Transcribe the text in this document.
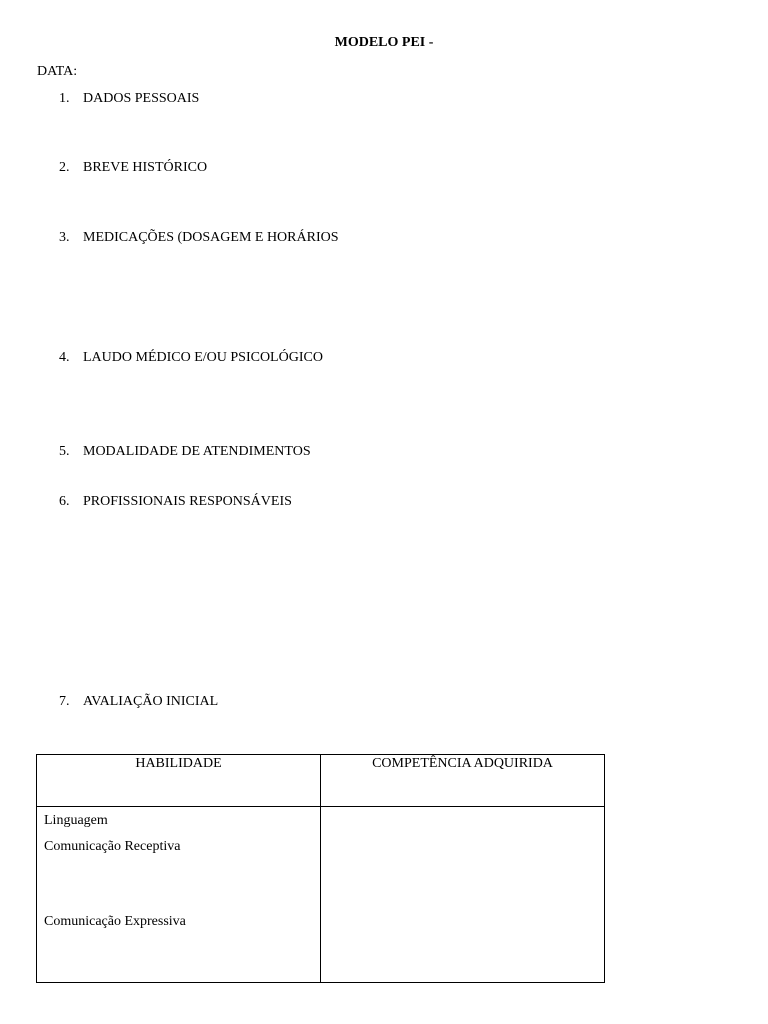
MODELO PEI -
DATA:
1. DADOS PESSOAIS
2. BREVE HISTÓRICO
3. MEDICAÇÕES (DOSAGEM E HORÁRIOS
4. LAUDO MÉDICO E/OU PSICOLÓGICO
5. MODALIDADE DE ATENDIMENTOS
6. PROFISSIONAIS RESPONSÁVEIS
7. AVALIAÇÃO INICIAL
HABILIDADE	COMPETÊNCIA ADQUIRIDA

Linguagem
Comunicação Receptiva
Comunicação Expressiva	
